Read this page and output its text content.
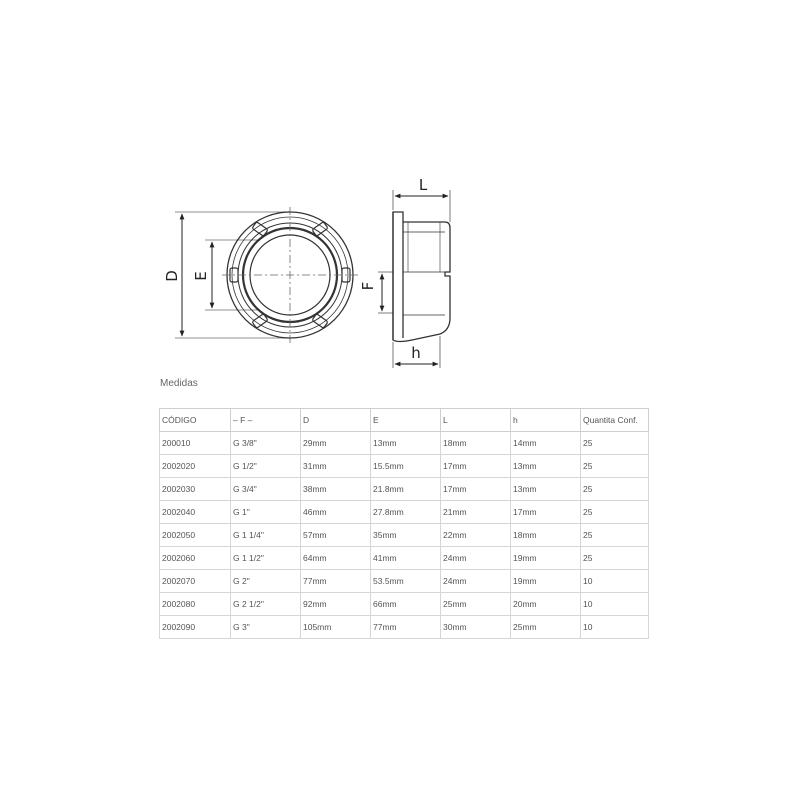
D E
L
F
h
Medidas
CÓDIGO	– F –	D	E	L	h	Quantita Conf.
200010	G 3/8"	29mm	13mm	18mm	14mm	25
2002020	G 1/2"	31mm	15.5mm	17mm	13mm	25
2002030	G 3/4"	38mm	21.8mm	17mm	13mm	25
2002040	G 1"	46mm	27.8mm	21mm	17mm	25
2002050	G 1 1/4"	57mm	35mm	22mm	18mm	25
2002060	G 1 1/2"	64mm	41mm	24mm	19mm	25
2002070	G 2"	77mm	53.5mm	24mm	19mm	10
2002080	G 2 1/2"	92mm	66mm	25mm	20mm	10
2002090	G 3"	105mm	77mm	30mm	25mm	10
